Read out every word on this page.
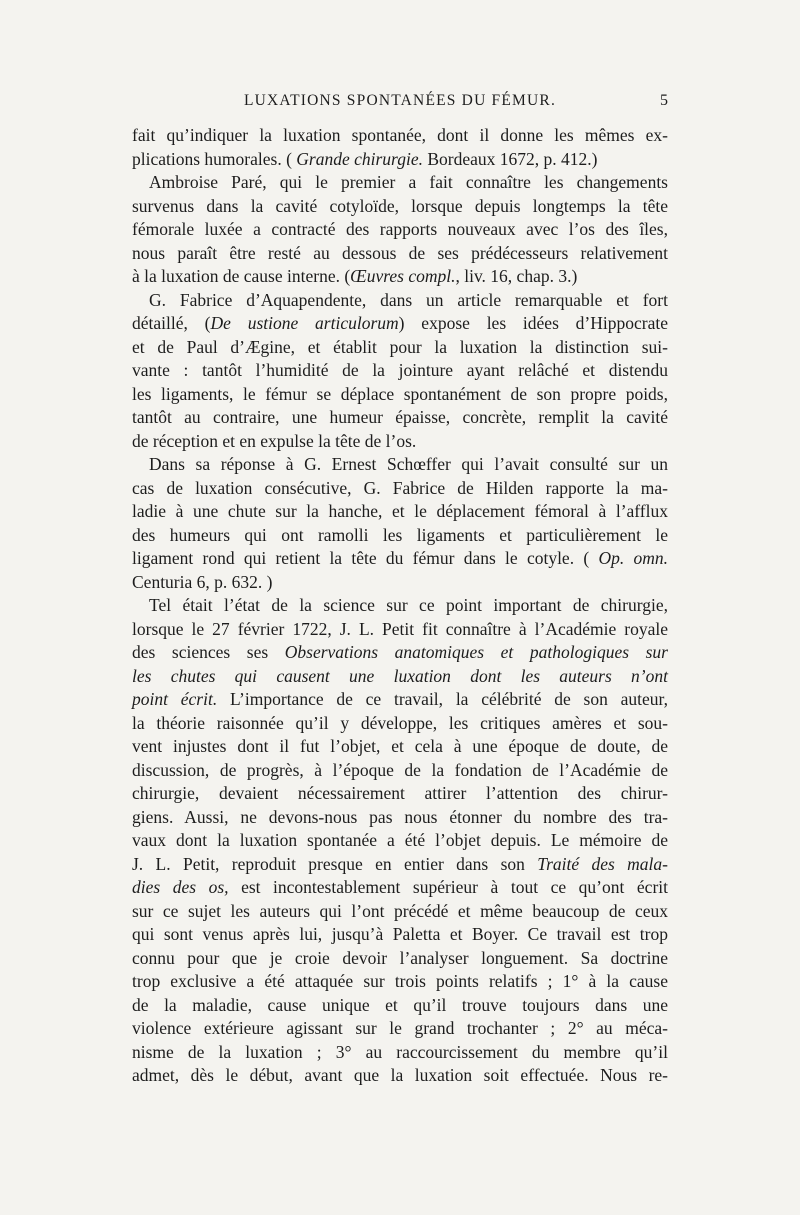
LUXATIONS SPONTANÉES DU FÉMUR.	5
fait qu’indiquer la luxation spontanée, dont il donne les mêmes ex-
plications humorales. ( Grande chirurgie. Bordeaux 1672, p. 412.)
Ambroise Paré, qui le premier a fait connaître les changements
survenus dans la cavité cotyloïde, lorsque depuis longtemps la tête
fémorale luxée a contracté des rapports nouveaux avec l’os des îles,
nous paraît être resté au dessous de ses prédécesseurs relativement
à la luxation de cause interne. (Œuvres compl., liv. 16, chap. 3.)
G. Fabrice d’Aquapendente, dans un article remarquable et fort
détaillé, (De ustione articulorum) expose les idées d’Hippocrate
et de Paul d’Ægine, et établit pour la luxation la distinction sui-
vante : tantôt l’humidité de la jointure ayant relâché et distendu
les ligaments, le fémur se déplace spontanément de son propre poids,
tantôt au contraire, une humeur épaisse, concrète, remplit la cavité
de réception et en expulse la tête de l’os.
Dans sa réponse à G. Ernest Schœffer qui l’avait consulté sur un
cas de luxation consécutive, G. Fabrice de Hilden rapporte la ma-
ladie à une chute sur la hanche, et le déplacement fémoral à l’afflux
des humeurs qui ont ramolli les ligaments et particulièrement le
ligament rond qui retient la tête du fémur dans le cotyle. ( Op. omn.
Centuria 6, p. 632. )
Tel était l’état de la science sur ce point important de chirurgie,
lorsque le 27 février 1722, J. L. Petit fit connaître à l’Académie royale
des sciences ses Observations anatomiques et pathologiques sur
les chutes qui causent une luxation dont les auteurs n’ont
point écrit. L’importance de ce travail, la célébrité de son auteur,
la théorie raisonnée qu’il y développe, les critiques amères et sou-
vent injustes dont il fut l’objet, et cela à une époque de doute, de
discussion, de progrès, à l’époque de la fondation de l’Académie de
chirurgie, devaient nécessairement attirer l’attention des chirur-
giens. Aussi, ne devons-nous pas nous étonner du nombre des tra-
vaux dont la luxation spontanée a été l’objet depuis. Le mémoire de
J. L. Petit, reproduit presque en entier dans son Traité des mala-
dies des os, est incontestablement supérieur à tout ce qu’ont écrit
sur ce sujet les auteurs qui l’ont précédé et même beaucoup de ceux
qui sont venus après lui, jusqu’à Paletta et Boyer. Ce travail est trop
connu pour que je croie devoir l’analyser longuement. Sa doctrine
trop exclusive a été attaquée sur trois points relatifs ; 1° à la cause
de la maladie, cause unique et qu’il trouve toujours dans une
violence extérieure agissant sur le grand trochanter ; 2° au méca-
nisme de la luxation ; 3° au raccourcissement du membre qu’il
admet, dès le début, avant que la luxation soit effectuée. Nous re-
